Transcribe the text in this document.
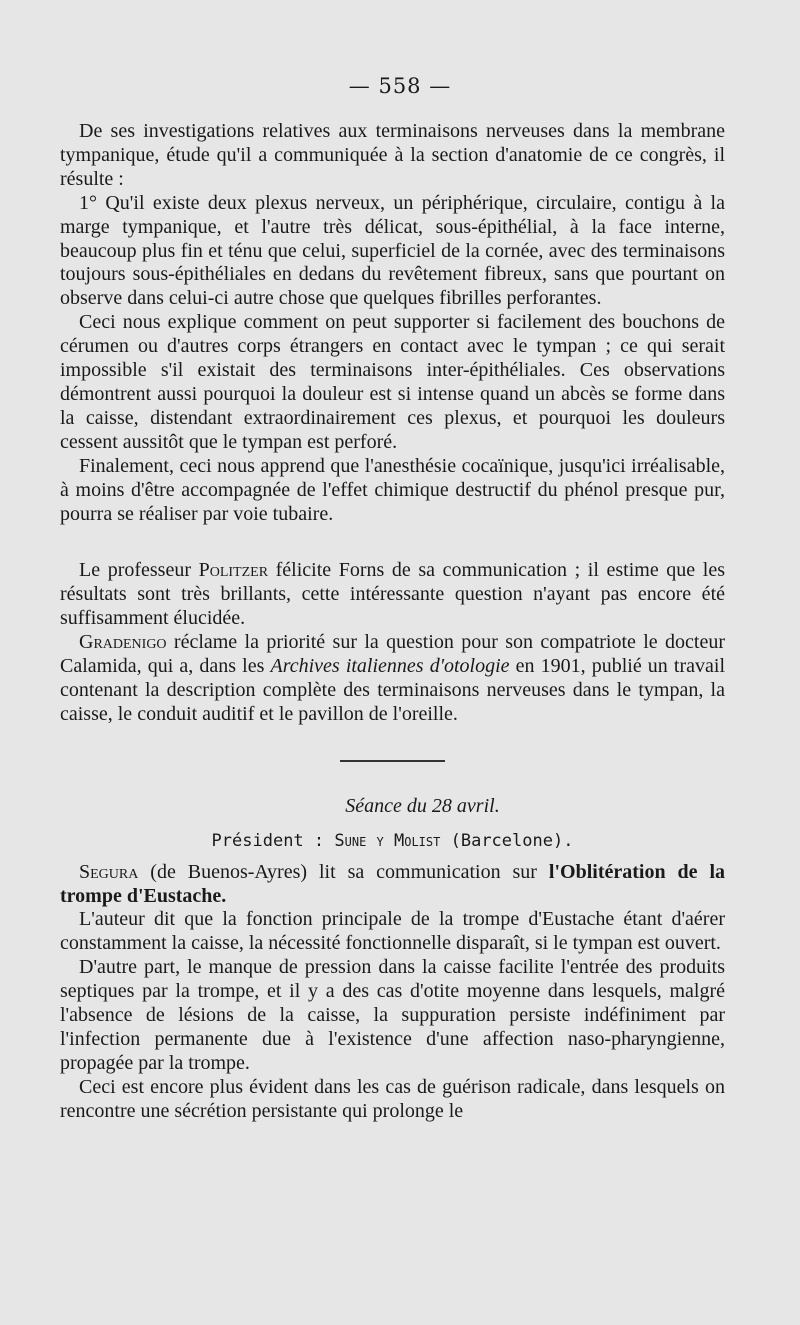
— 558 —

De ses investigations relatives aux terminaisons nerveuses dans la membrane tympanique, étude qu'il a communiquée à la section d'anatomie de ce congrès, il résulte :

1° Qu'il existe deux plexus nerveux, un périphérique, circulaire, contigu à la marge tympanique, et l'autre très délicat, sous-épithélial, à la face interne, beaucoup plus fin et ténu que celui, superficiel de la cornée, avec des terminaisons toujours sous-épithéliales en dedans du revêtement fibreux, sans que pourtant on observe dans celui-ci autre chose que quelques fibrilles perforantes.

Ceci nous explique comment on peut supporter si facilement des bouchons de cérumen ou d'autres corps étrangers en contact avec le tympan ; ce qui serait impossible s'il existait des terminaisons inter-épithéliales. Ces observations démontrent aussi pourquoi la douleur est si intense quand un abcès se forme dans la caisse, distendant extraordinairement ces plexus, et pourquoi les douleurs cessent aussitôt que le tympan est perforé.

Finalement, ceci nous apprend que l'anesthésie cocaïnique, jusqu'ici irréalisable, à moins d'être accompagnée de l'effet chimique destructif du phénol presque pur, pourra se réaliser par voie tubaire.

Le professeur Politzer félicite Forns de sa communication ; il estime que les résultats sont très brillants, cette intéressante question n'ayant pas encore été suffisamment élucidée.

Gradenigo réclame la priorité sur la question pour son compatriote le docteur Calamida, qui a, dans les Archives italiennes d'otologie en 1901, publié un travail contenant la description complète des terminaisons nerveuses dans le tympan, la caisse, le conduit auditif et le pavillon de l'oreille.

Séance du 28 avril.

Président : Sune y Molist (Barcelone).

Segura (de Buenos-Ayres) lit sa communication sur l'Oblitération de la trompe d'Eustache.

L'auteur dit que la fonction principale de la trompe d'Eustache étant d'aérer constamment la caisse, la nécessité fonctionnelle disparaît, si le tympan est ouvert.

D'autre part, le manque de pression dans la caisse facilite l'entrée des produits septiques par la trompe, et il y a des cas d'otite moyenne dans lesquels, malgré l'absence de lésions de la caisse, la suppuration persiste indéfiniment par l'infection permanente due à l'existence d'une affection naso-pharyngienne, propagée par la trompe.

Ceci est encore plus évident dans les cas de guérison radicale, dans lesquels on rencontre une sécrétion persistante qui prolonge le
